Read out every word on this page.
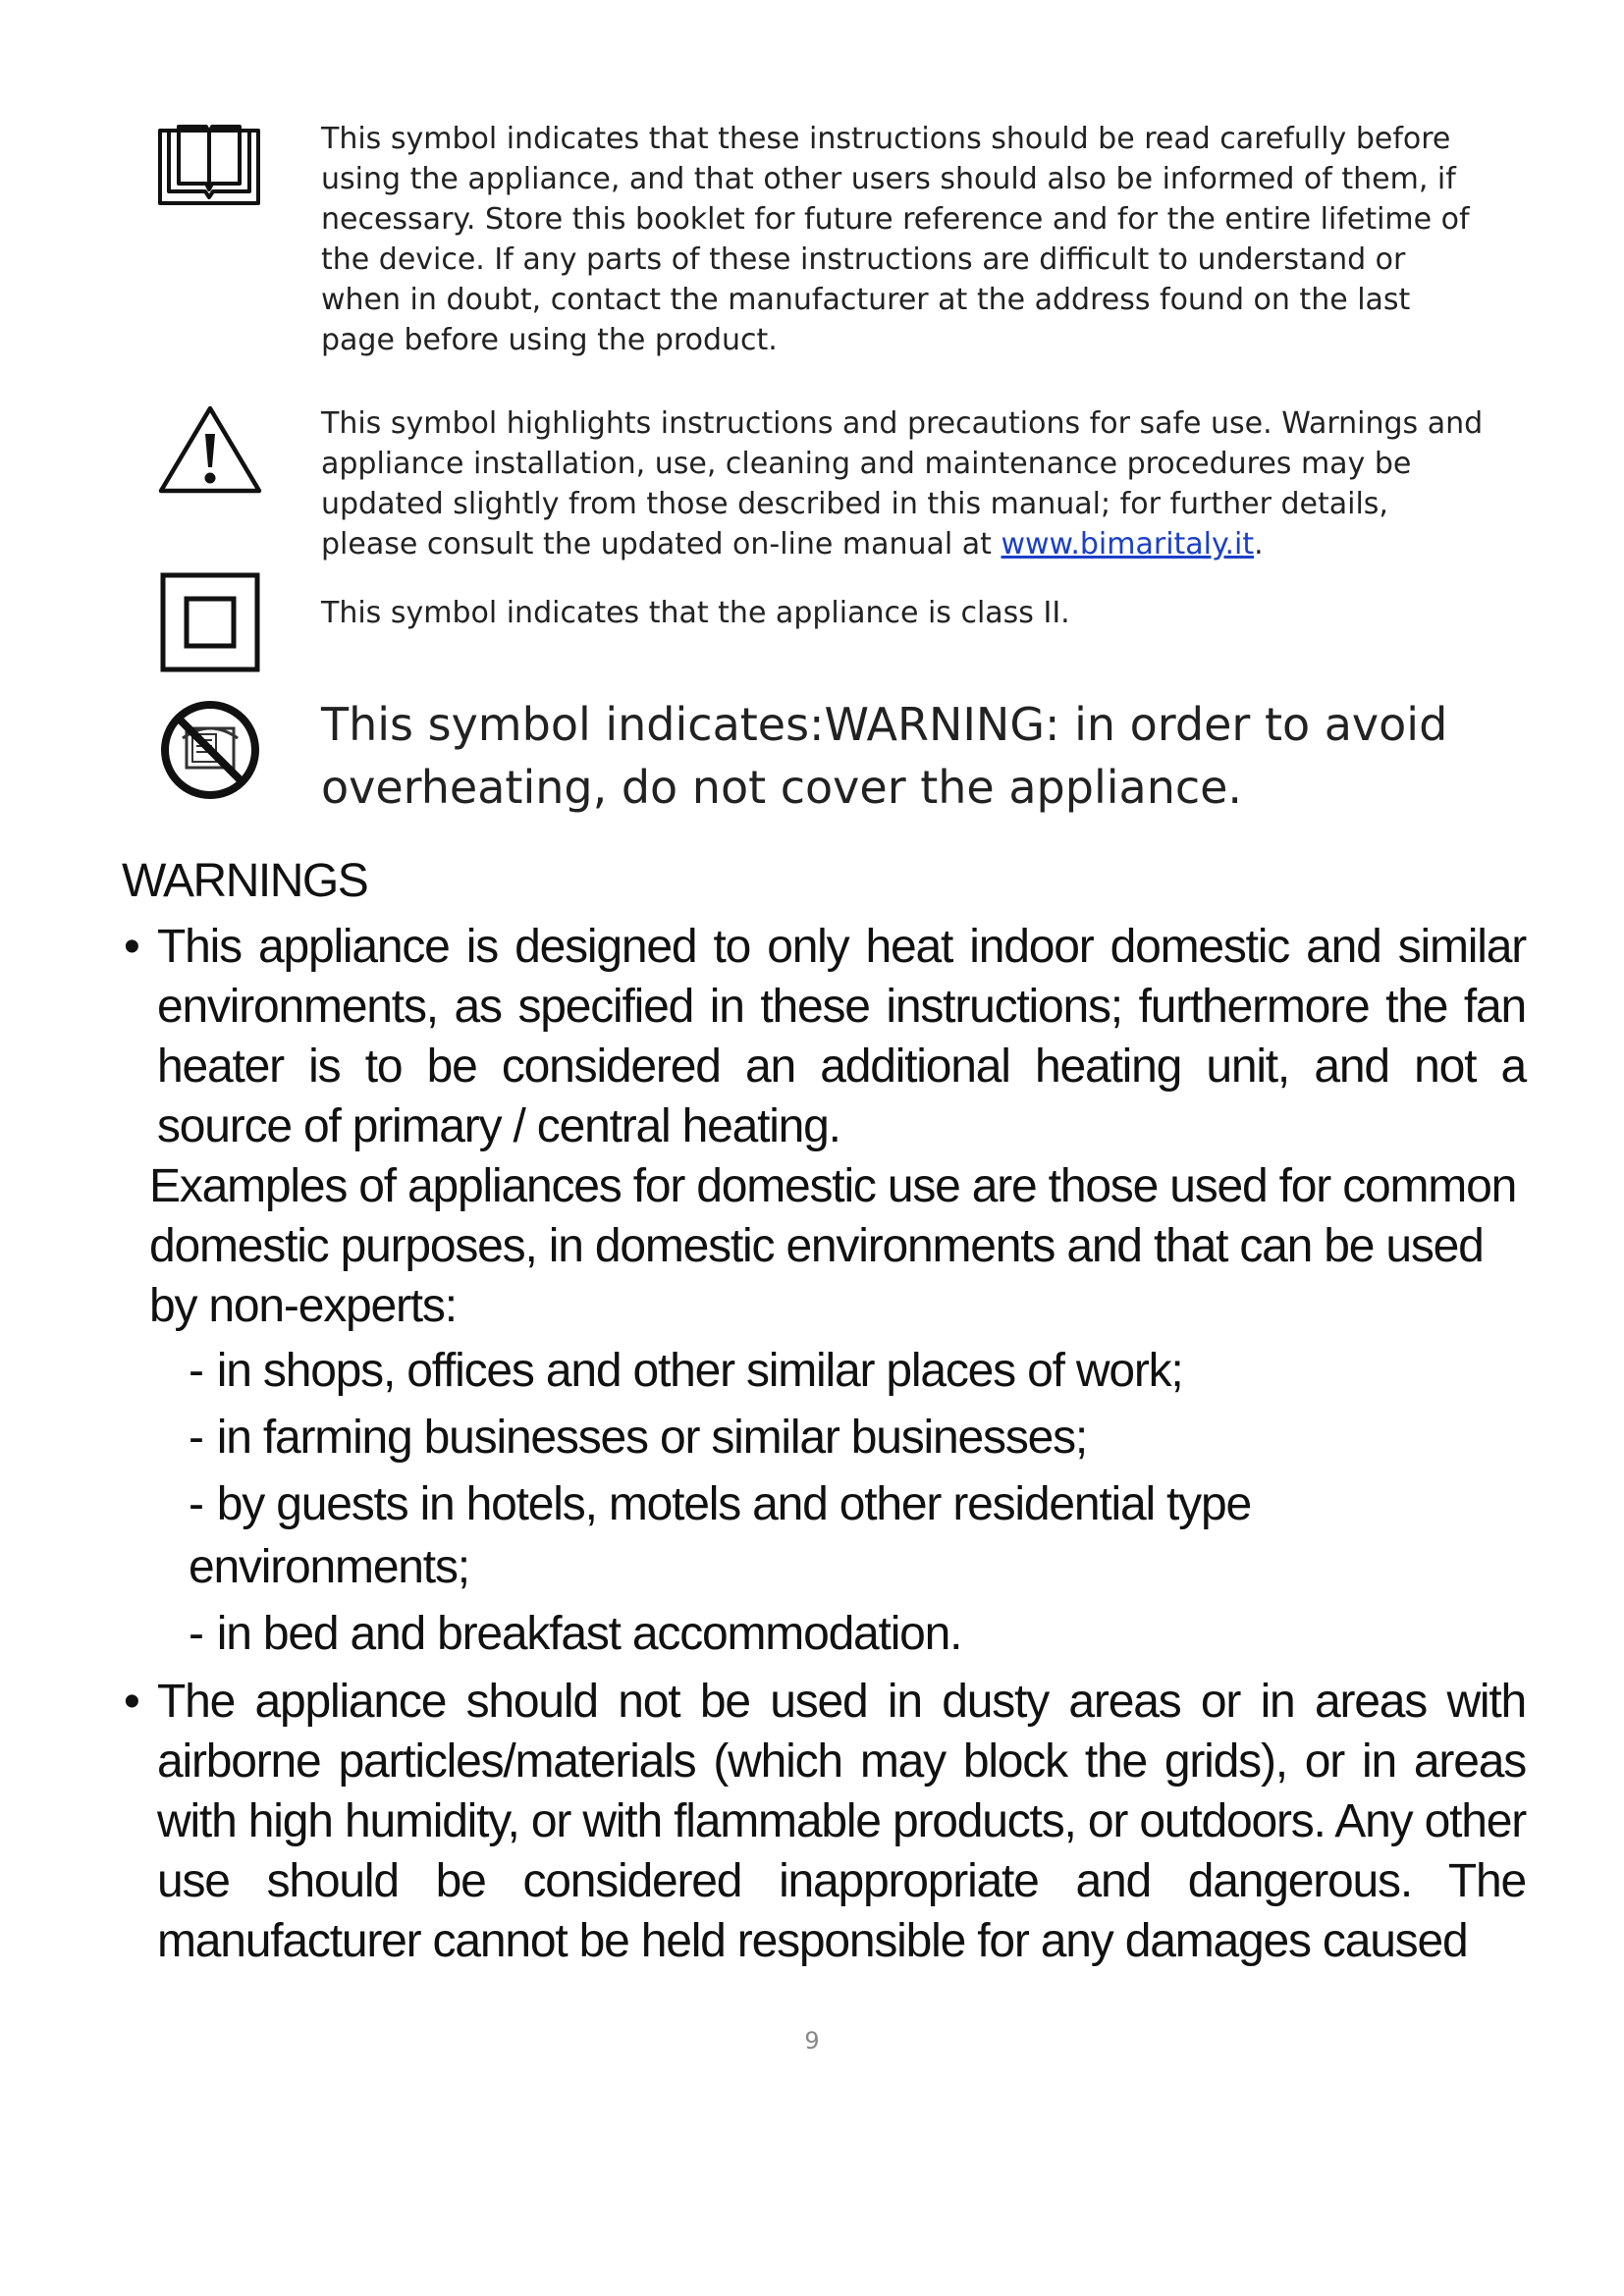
This symbol indicates that these instructions should be read carefully before using the appliance, and that other users should also be informed of them, if necessary. Store this booklet for future reference and for the entire lifetime of the device. If any parts of these instructions are difficult to understand or when in doubt, contact the manufacturer at the address found on the last page before using the product.
This symbol highlights instructions and precautions for safe use. Warnings and appliance installation, use, cleaning and maintenance procedures may be updated slightly from those described in this manual; for further details, please consult the updated on-line manual at www.bimaritaly.it.
This symbol indicates that the appliance is class II.
This symbol indicates:WARNING: in order to avoid overheating, do not cover the appliance.
WARNINGS
• This appliance is designed to only heat indoor domestic and similar environments, as specified in these instructions; furthermore the fan heater is to be considered an additional heating unit, and not a source of primary / central heating.

Examples of appliances for domestic use are those used for common domestic purposes, in domestic environments and that can be used by non-experts:

- in shops, offices and other similar places of work;
- in farming businesses or similar businesses;
- by guests in hotels, motels and other residential type environments;
- in bed and breakfast accommodation.
• The appliance should not be used in dusty areas or in areas with airborne particles/materials (which may block the grids), or in areas with high humidity, or with flammable products, or outdoors. Any other use should be considered inappropriate and dangerous. The manufacturer cannot be held responsible for any damages caused
9
